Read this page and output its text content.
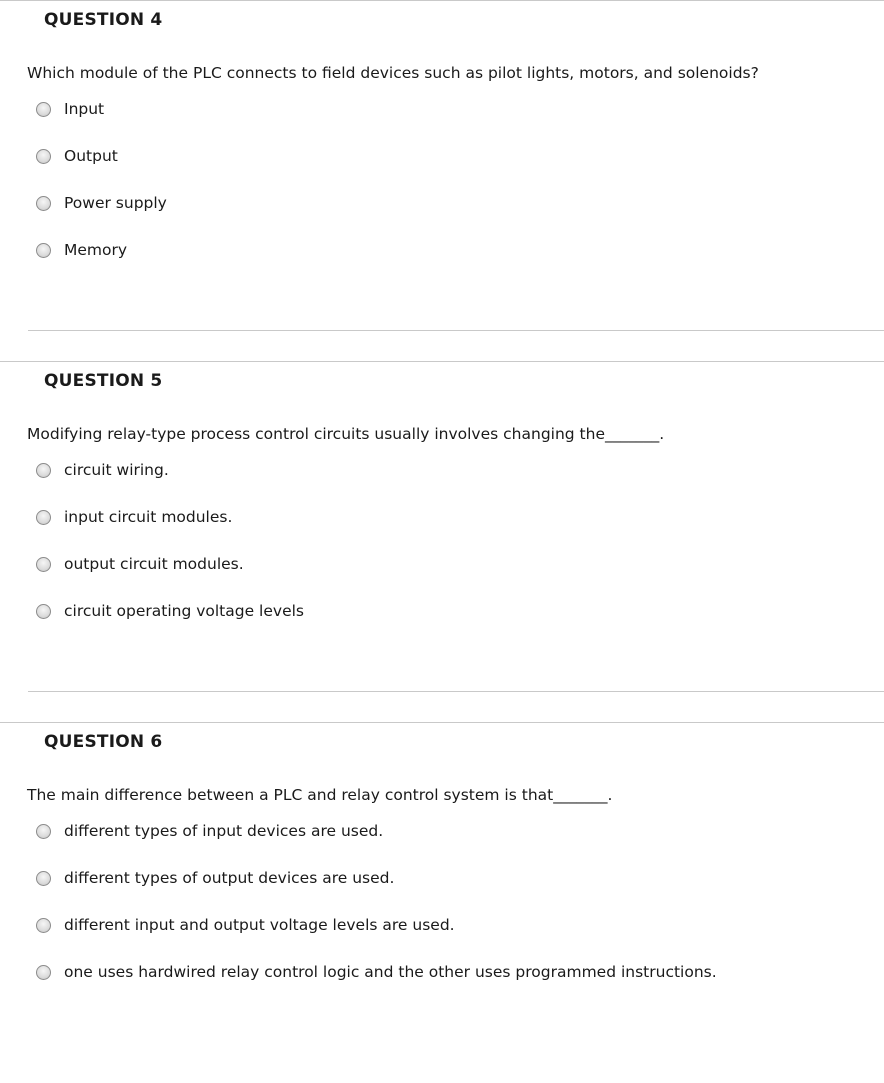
QUESTION 4
Which module of the PLC connects to field devices such as pilot lights, motors, and solenoids?
Input
Output
Power supply
Memory
QUESTION 5
Modifying relay-type process control circuits usually involves changing the_______.
circuit wiring.
input circuit modules.
output circuit modules.
circuit operating voltage levels
QUESTION 6
The main difference between a PLC and relay control system is that_______.
different types of input devices are used.
different types of output devices are used.
different input and output voltage levels are used.
one uses hardwired relay control logic and the other uses programmed instructions.
